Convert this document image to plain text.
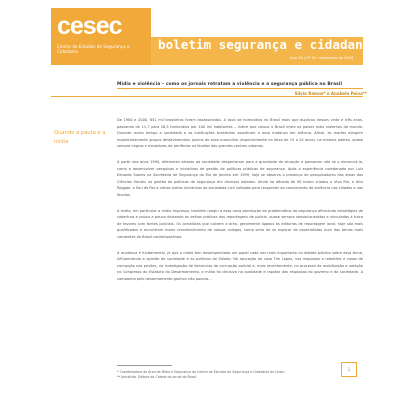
cesec
Centro de Estudos de Segurança e Cidadania	boletim segurança e cidadania
Ano 03 | nº 10 · dezembro de 2004
Mídia e violência – como os jornais retratam a violência e a segurança pública no Brasil
Silvia Ramos* e Anabela Paiva**
Quando a pauta é a mídia

De 1980 a 2000, 651 mil brasileiros foram assassinados. A taxa de homicídios no Brasil mais que duplicou nesses vinte e três anos, passando de 11,7 para 28,5 homicídios por 100 mil habitantes – índice que coloca o Brasil entre os países mais violentos do mundo. Durante muito tempo a sociedade e as instituições brasileiras assistiram a essa matança em silêncio. Afinal, as mortes atingem majoritariamente grupos desfavorecidos: jovens do sexo masculino (especialmente na faixa de 15 a 24 anos), na maioria pobres, quase sempre negros e moradores de periferias ou favelas das grandes centros urbanos.

A partir dos anos 1990, diferentes setores da sociedade despertaram para a gravidade da situação e passaram não só a denunciá-la, como a desenvolver pesquisas e iniciativas de gestão de políticas públicas de segurança. Após a experiência coordenada por Luiz Eduardo Soares na Secretaria de Segurança do Rio de Janeiro em 1999, hoje se observa a presença de pesquisadores das áreas das Ciências Sociais na gestão de políticas de segurança em diversos estados. Ainda na década de 90 foram criados o Viva Rio, o Afro Reggae, o Sou da Paz e vários outros iniciativas da sociedade civil voltadas para responder ao crescimento da violência nas cidades e nas favelas.

A mídia, em particular a mídia impressa, também reagiu a essa nova percepção da problemática da segurança afirmando estratégias de cobertura e pouco a pouco deixando as velhas práticas dos reportagens de polícia, quase sempre sensacionalistas e vinculadas à troca de favores com fontes policiais. Os jornalistas que cobrem a área, geralmente ligados às editorias de reportagem local, hoje são mais qualificados e encontram maior reconhecimento de nossos colegas, como seria de se esperar de especialistas num dos temas mais candentes do Brasil contemporâneo.

A mudança é fundamental, já que a mídia tem desempenhado um papel cada vez mais importante no debate público sobre essa tema, influenciando a opinião da sociedade e as políticas do Estado. Na apuração do caso Tim Lopes, nas respostas a rebeliões e casos de corrupção nas prisões, na investigação de denúncias de corrupção policial e, mais recentemente, no processo de mobilização e votação no Congresso do Estatuto do Desarmamento, a mídia foi decisiva na qualidade e rapidez das respostas do governo e da sociedade. A campanha pelo desarmamento ganhou não poucas...

* Coordenadora da Área de Mídia e Segurança do Centro de Estudos de Segurança e Cidadania da Ucam.
** Jornalista. Editora da Cidade do Jornal do Brasil.
1
